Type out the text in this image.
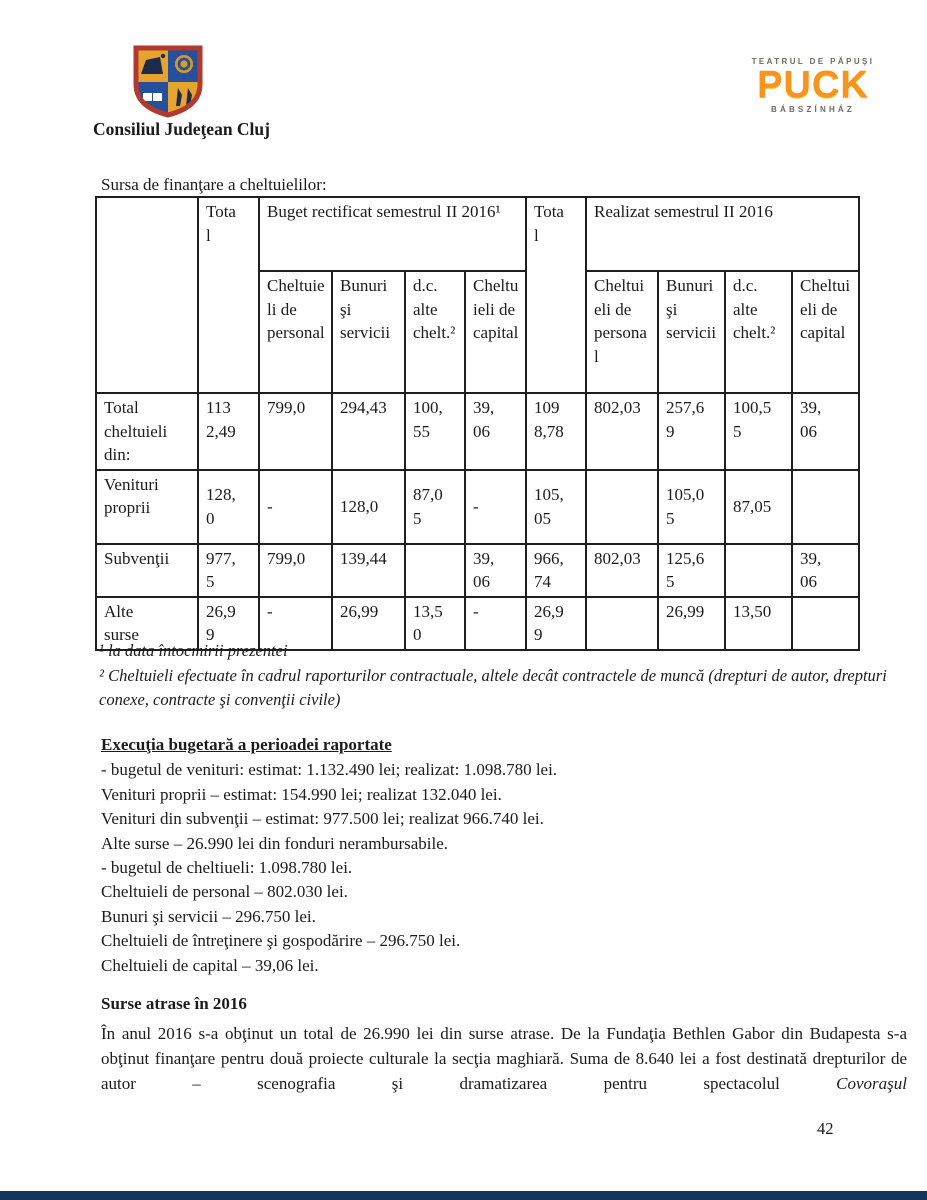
Consiliul Judeţean Cluj
TEATRUL DE PĂPUŞI
PUCK
BÁBSZÍNHÁZ
Sursa de finanţare a cheltuielilor:
	Total	Buget rectificat semestrul II 2016¹				Total	Realizat semestrul II 2016			

		Cheltuieli de personal	Bunuri şi servicii	d.c. alte chelt.²	Cheltuieli de capital		Cheltuieli de personal	Bunuri şi servicii	d.c. alte chelt.²	Cheltuieli de capital
Total cheltuieli din:	1132,49	799,0	294,43	100,55	39,06	1098,78	802,03	257,69	100,55	39,06
Venituri proprii	128,0	-	128,0	87,05	-	105,05		105,05	87,05	
Subvenţii	977,5	799,0	139,44		39,06	966,74	802,03	125,65		39,06
Alte surse	26,99	-	26,99	13,50	-	26,99		26,99	13,50	

¹ la data întocmirii prezentei

² Cheltuieli efectuate în cadrul raporturilor contractuale, altele decât contractele de muncă (drepturi de autor, drepturi conexe, contracte şi convenţii civile)

Execuţia bugetară a perioadei raportate
- bugetul de venituri: estimat: 1.132.490 lei; realizat: 1.098.780 lei.
Venituri proprii – estimat: 154.990 lei; realizat 132.040 lei.
Venituri din subvenţii – estimat: 977.500 lei; realizat 966.740 lei.
Alte surse – 26.990 lei din fonduri nerambursabile.
- bugetul de cheltiueli: 1.098.780 lei.
Cheltuieli de personal – 802.030 lei.
Bunuri şi servicii – 296.750 lei.
Cheltuieli de întreţinere şi gospodărire – 296.750 lei.
Cheltuieli de capital – 39,06 lei.
Surse atrase în 2016
În anul 2016 s-a obţinut un total de 26.990 lei din surse atrase. De la Fundaţia Bethlen Gabor din Budapesta s-a obţinut finanţare pentru două proiecte culturale la secţia maghiară. Suma de 8.640 lei a fost destinată drepturilor de autor – scenografia şi dramatizarea pentru spectacolul Covoraşul
42
